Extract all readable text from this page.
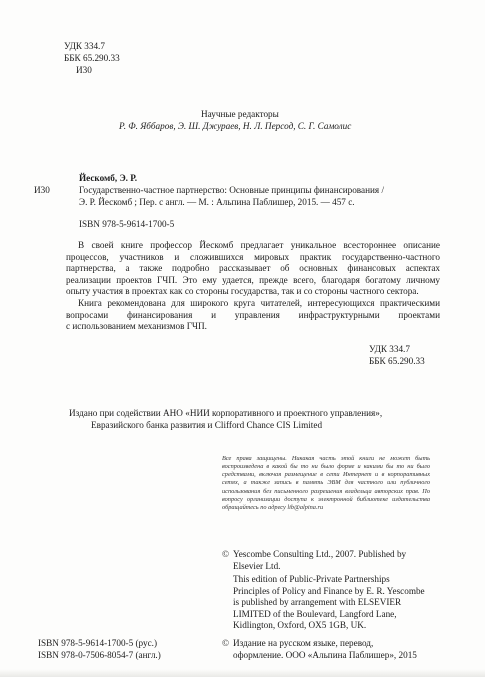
УДК 334.7
ББК 65.290.33
И30
Научные редакторы
Р. Ф. Яббаров, Э. Ш. Джураев, Н. Л. Персод, С. Г. Самолис
Йескомб, Э. Р.
И30	Государственно-частное партнерство: Основные принципы финансирования /
Э. Р. Йескомб ; Пер. с англ. — М. : Альпина Паблишер, 2015. — 457 с.
ISBN 978-5-9614-1700-5
В своей книге профессор Йескомб предлагает уникальное всестороннее описание
процессов, участников и сложившихся мировых практик государственно-частного
партнерства, а также подробно рассказывает об основных финансовых аспектах
реализации проектов ГЧП. Это ему удается, прежде всего, благодаря богатому личному
опыту участия в проектах как со стороны государства, так и со стороны частного сектора.
Книга рекомендована для широкого круга читателей, интересующихся практическими
вопросами финансирования и управления инфраструктурными проектами
с использованием механизмов ГЧП.
УДК 334.7
ББК 65.290.33
Издано при содействии АНО «НИИ корпоративного и проектного управления»,
Евразийского банка развития и Clifford Chance CIS Limited
Все права защищены. Никакая часть этой книги не может быть воспроизведена в какой бы то ни было форме и какими бы то ни было средствами, включая размещение в сети Интернет и в корпоративных сетях, а также запись в память ЭВМ для частного или публичного использования без письменного разрешения владельца авторских прав. По вопросу организации доступа к электронной библиотеке издательства обращайтесь по адресу lib@alpina.ru
© Yescombe Consulting Ltd., 2007. Published by
Elsevier Ltd.
This edition of Public-Private Partnerships
Principles of Policy and Finance by E. R. Yescombe
is published by arrangement with ELSEVIER
LIMITED of the Boulevard, Langford Lane,
Kidlington, Oxford, OX5 1GB, UK.
© Издание на русском языке, перевод,
оформление. ООО «Альпина Паблишер», 2015
ISBN 978-5-9614-1700-5 (рус.)
ISBN 978-0-7506-8054-7 (англ.)
